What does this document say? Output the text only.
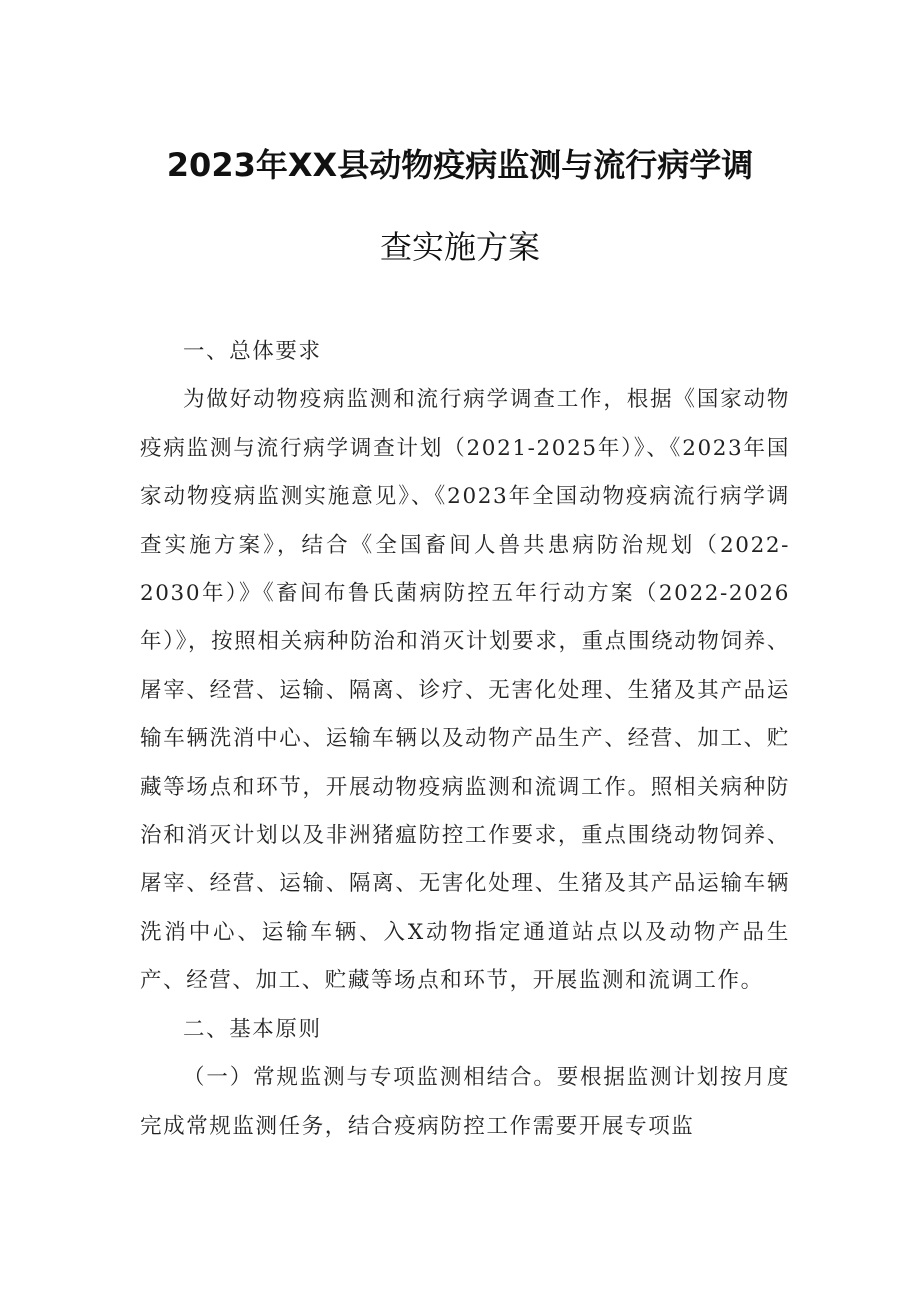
2023年XX县动物疫病监测与流行病学调
查实施方案

一、总体要求

为做好动物疫病监测和流行病学调查工作，根据《国家动物疫病监测与流行病学调查计划（2021-2025年）》、《2023年国家动物疫病监测实施意见》、《2023年全国动物疫病流行病学调查实施方案》，结合《全国畜间人兽共患病防治规划（2022-2030年）》《畜间布鲁氏菌病防控五年行动方案（2022-2026年）》，按照相关病种防治和消灭计划要求，重点围绕动物饲养、屠宰、经营、运输、隔离、诊疗、无害化处理、生猪及其产品运输车辆洗消中心、运输车辆以及动物产品生产、经营、加工、贮藏等场点和环节，开展动物疫病监测和流调工作。照相关病种防治和消灭计划以及非洲猪瘟防控工作要求，重点围绕动物饲养、屠宰、经营、运输、隔离、无害化处理、生猪及其产品运输车辆洗消中心、运输车辆、入X动物指定通道站点以及动物产品生产、经营、加工、贮藏等场点和环节，开展监测和流调工作。

二、基本原则

（一）常规监测与专项监测相结合。要根据监测计划按月度完成常规监测任务，结合疫病防控工作需要开展专项监
